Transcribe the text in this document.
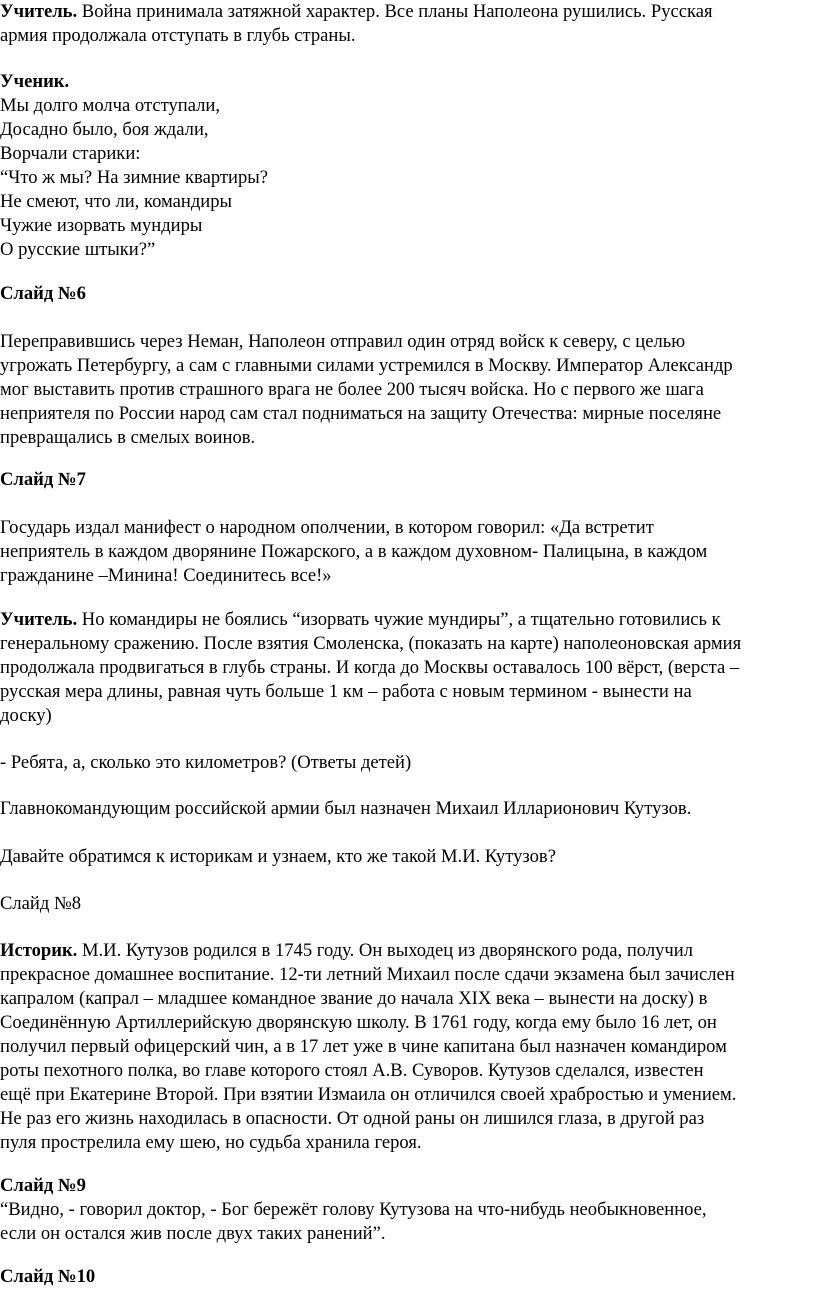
Учитель. Война принимала затяжной характер. Все планы Наполеона рушились. Русская
армия продолжала отступать в глубь страны.
Ученик.
Мы долго молча отступали,
Досадно было, боя ждали,
Ворчали старики:
“Что ж мы? На зимние квартиры?
Не смеют, что ли, командиры
Чужие изорвать мундиры
О русские штыки?”
Слайд №6
Переправившись через Неман, Наполеон отправил один отряд войск к северу, с целью
угрожать Петербургу, а сам с главными силами устремился в Москву. Император Александр
мог выставить против страшного врага не более 200 тысяч войска. Но с первого же шага
неприятеля по России народ сам стал подниматься на защиту Отечества: мирные поселяне
превращались в смелых воинов.
Слайд №7
Государь издал манифест о народном ополчении, в котором говорил: «Да встретит
неприятель в каждом дворянине Пожарского, а в каждом духовном- Палицына, в каждом
гражданине –Минина! Соединитесь все!»
Учитель. Но командиры не боялись “изорвать чужие мундиры”, а тщательно готовились к
генеральному сражению. После взятия Смоленска, (показать на карте) наполеоновская армия
продолжала продвигаться в глубь страны. И когда до Москвы оставалось 100 вёрст, (верста –
русская мера длины, равная чуть больше 1 км – работа с новым термином - вынести на
доску)
- Ребята, а, сколько это километров? (Ответы детей)
Главнокомандующим российской армии был назначен Михаил Илларионович Кутузов.
Давайте обратимся к историкам и узнаем, кто же такой М.И. Кутузов?
Слайд №8
Историк. М.И. Кутузов родился в 1745 году. Он выходец из дворянского рода, получил
прекрасное домашнее воспитание. 12-ти летний Михаил после сдачи экзамена был зачислен
капралом (капрал – младшее командное звание до начала XIX века – вынести на доску) в
Соединённую Артиллерийскую дворянскую школу. В 1761 году, когда ему было 16 лет, он
получил первый офицерский чин, а в 17 лет уже в чине капитана был назначен командиром
роты пехотного полка, во главе которого стоял А.В. Суворов. Кутузов сделался, известен
ещё при Екатерине Второй. При взятии Измаила он отличился своей храбростью и умением.
Не раз его жизнь находилась в опасности. От одной раны он лишился глаза, в другой раз
пуля прострелила ему шею, но судьба хранила героя.
Слайд №9
“Видно, - говорил доктор, - Бог бережёт голову Кутузова на что-нибудь необыкновенное,
если он остался жив после двух таких ранений”.
Слайд №10
